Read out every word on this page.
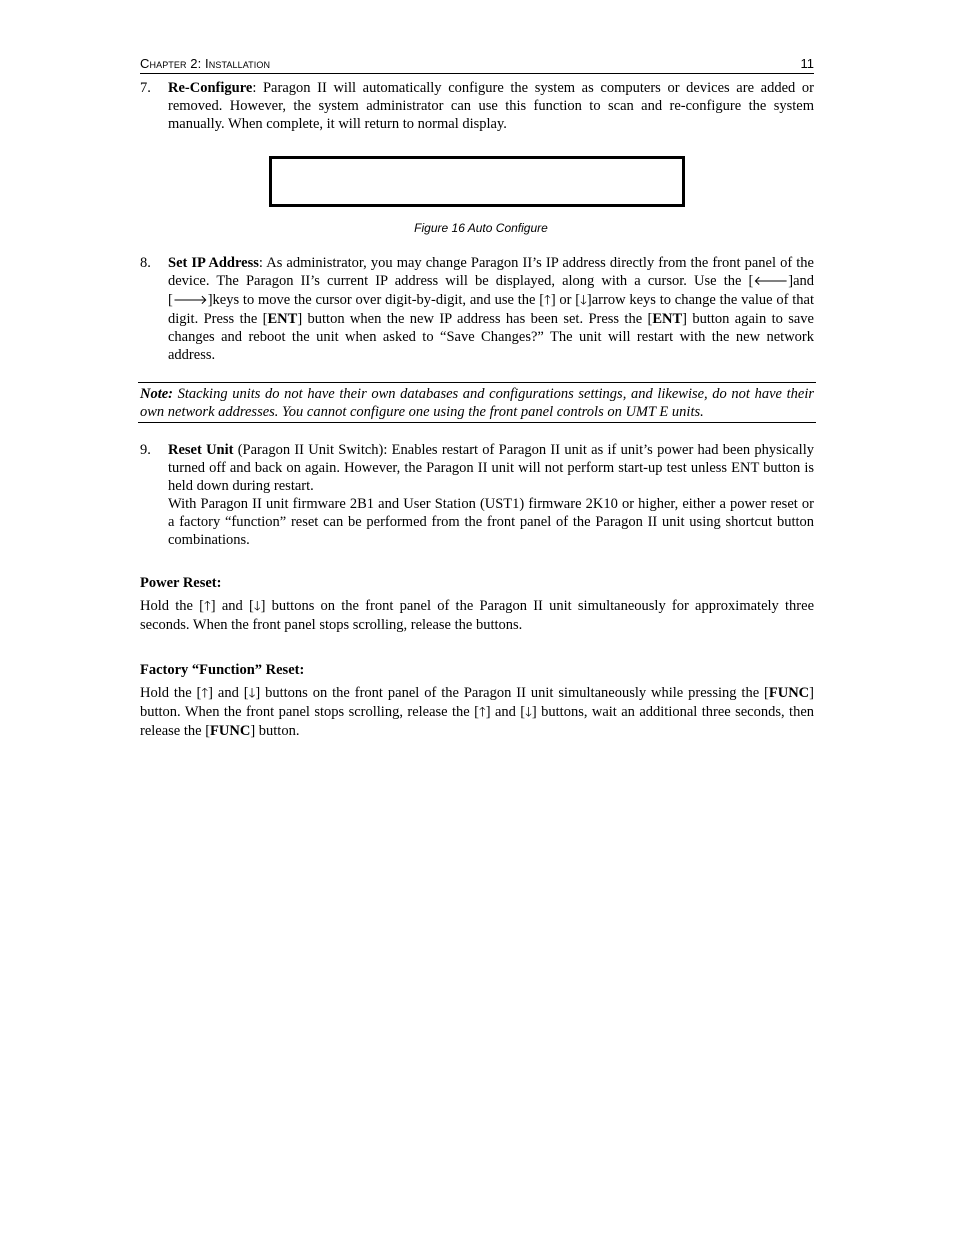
Chapter 2: Installation	11
7. Re-Configure: Paragon II will automatically configure the system as computers or devices are added or removed. However, the system administrator can use this function to scan and re-configure the system manually. When complete, it will return to normal display.

Figure 16 Auto Configure
8. Set IP Address: As administrator, you may change Paragon II’s IP address directly from the front panel of the device. The Paragon II’s current IP address will be displayed, along with a cursor. Use the [🡐]and [🡒]keys to move the cursor over digit-by-digit, and use the [🡑] or [🡓]arrow keys to change the value of that digit. Press the [ENT] button when the new IP address has been set. Press the [ENT] button again to save changes and reboot the unit when asked to “Save Changes?” The unit will restart with the new network address.

Note: Stacking units do not have their own databases and configurations settings, and likewise, do not have their own network addresses. You cannot configure one using the front panel controls on UMT E units.
9. Reset Unit (Paragon II Unit Switch): Enables restart of Paragon II unit as if unit’s power had been physically turned off and back on again. However, the Paragon II unit will not perform start-up test unless ENT button is held down during restart.

With Paragon II unit firmware 2B1 and User Station (UST1) firmware 2K10 or higher, either a power reset or a factory “function” reset can be performed from the front panel of the Paragon II unit using shortcut button combinations.

Power Reset:
Hold the [🡑] and [🡓] buttons on the front panel of the Paragon II unit simultaneously for approximately three seconds. When the front panel stops scrolling, release the buttons.
Factory “Function” Reset:
Hold the [🡑] and [🡓] buttons on the front panel of the Paragon II unit simultaneously while pressing the [FUNC] button. When the front panel stops scrolling, release the [🡑] and [🡓] buttons, wait an additional three seconds, then release the [FUNC] button.
